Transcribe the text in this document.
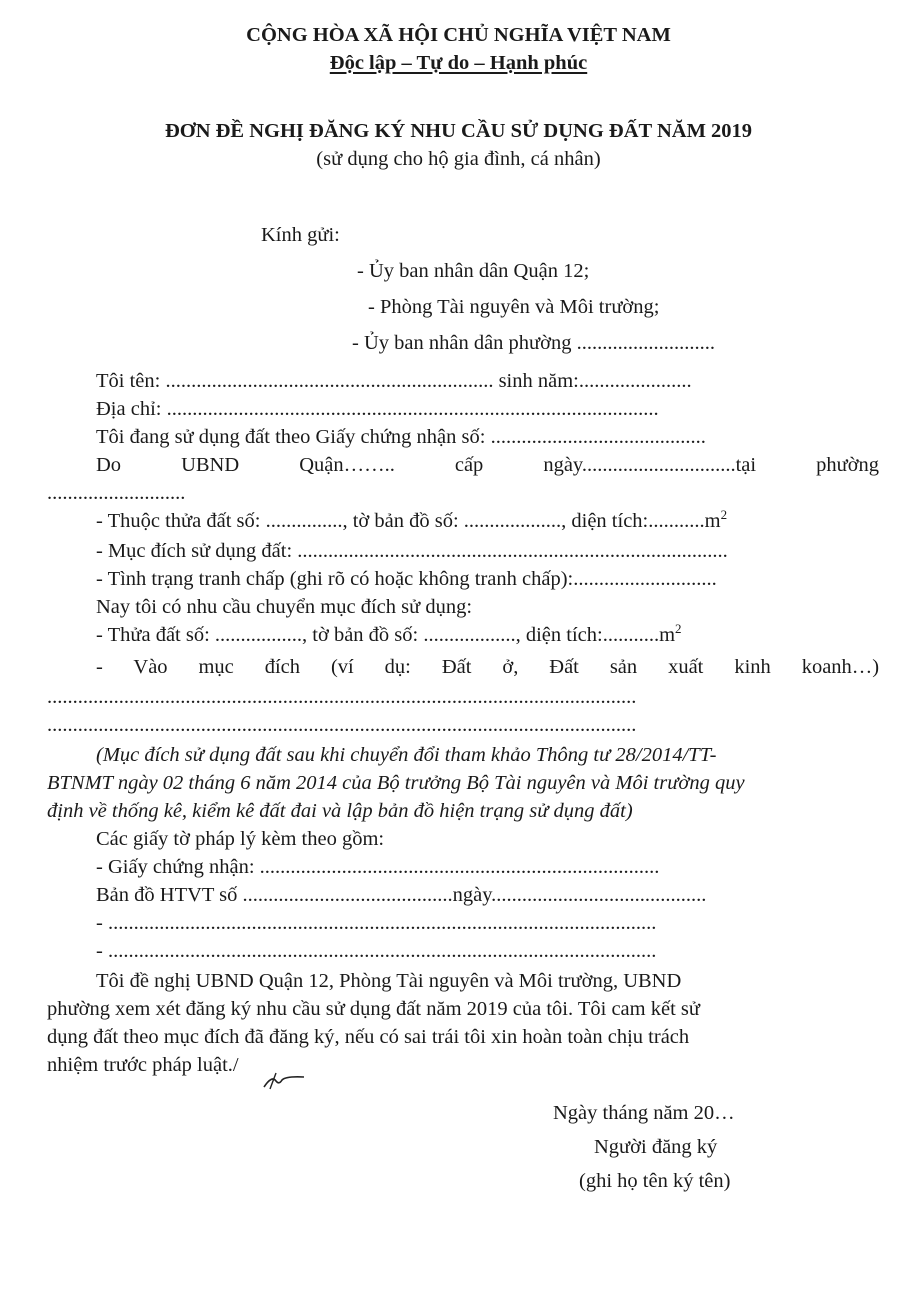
CỘNG HÒA XÃ HỘI CHỦ NGHĨA VIỆT NAM
Độc lập – Tự do – Hạnh phúc
ĐƠN ĐỀ NGHỊ ĐĂNG KÝ NHU CẦU SỬ DỤNG ĐẤT NĂM 2019
(sử dụng cho hộ gia đình, cá nhân)
Kính gửi:
- Ủy ban nhân dân Quận 12;
- Phòng Tài nguyên và Môi trường;
- Ủy ban nhân dân phường ...........................
Tôi tên: ................................................................ sinh năm:......................
Địa chỉ: ................................................................................................
Tôi đang sử dụng đất theo Giấy chứng nhận số: ..........................................
Do	UBND	Quận……..	cấp	ngày..............................tại	phường
...........................
- Thuộc thửa đất số: ..............., tờ bản đồ số: ..................., diện $tích:...........m^2$
- Mục đích sử dụng đất: ....................................................................................
- Tình trạng tranh chấp (ghi rõ có hoặc không tranh chấp):............................
Nay tôi có nhu cầu chuyển mục đích sử dụng:
- Thửa đất số: ................., tờ bản đồ số: .................., diện $tích:...........m^2$
- Vào mục đích (ví dụ: Đất ở, Đất sản xuất kinh koanh…)
...................................................................................................................
...................................................................................................................
(Mục đích sử dụng đất sau khi chuyển đổi tham khảo Thông tư 28/2014/TT-
BTNMT ngày 02 tháng 6 năm 2014 của Bộ trưởng Bộ Tài nguyên và Môi trường quy
định về thống kê, kiểm kê đất đai và lập bản đồ hiện trạng sử dụng đất)
Các giấy tờ pháp lý kèm theo gồm:
- Giấy chứng nhận: ..............................................................................
Bản đồ HTVT số .........................................ngày..........................................
- ...........................................................................................................
- ...........................................................................................................
Tôi đề nghị UBND Quận 12, Phòng Tài nguyên và Môi trường, UBND
phường xem xét đăng ký nhu cầu sử dụng đất năm 2019 của tôi. Tôi cam kết sử
dụng đất theo mục đích đã đăng ký, nếu có sai trái tôi xin hoàn toàn chịu trách
nhiệm trước pháp luật./
Ngày tháng năm 20…
Người đăng ký
(ghi họ tên ký tên)
